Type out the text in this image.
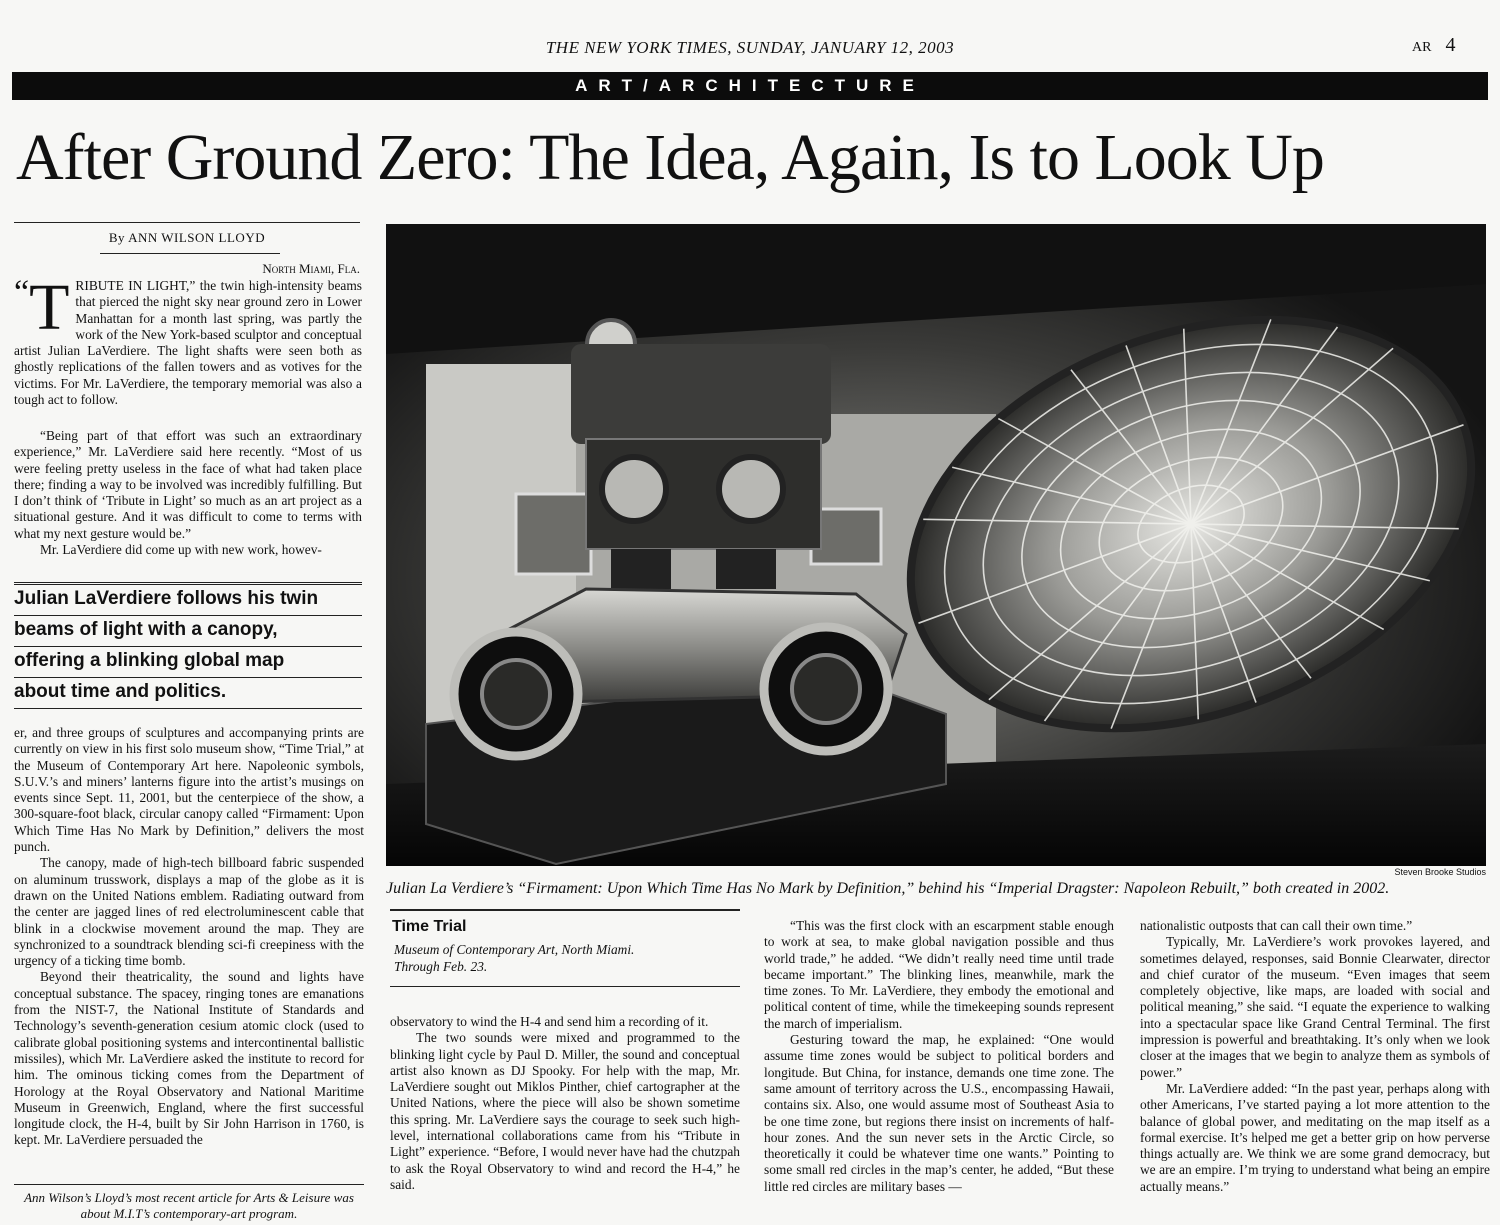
THE NEW YORK TIMES, SUNDAY, JANUARY 12, 2003	AR 4
ART/ARCHITECTURE
After Ground Zero: The Idea, Again, Is to Look Up
By ANN WILSON LLOYD
North Miami, Fla.

“ T RIBUTE IN LIGHT,” the twin high-intensity beams that pierced the night sky near ground zero in Lower Manhattan for a month last spring, was partly the work of the New York-based sculptor and conceptual artist Julian LaVerdiere. The light shafts were seen both as ghostly replications of the fallen towers and as votives for the victims. For Mr. LaVerdiere, the temporary memorial was also a tough act to follow.

“Being part of that effort was such an extraordinary experience,” Mr. LaVerdiere said here recently. “Most of us were feeling pretty useless in the face of what had taken place there; finding a way to be involved was incredibly fulfilling. But I don’t think of ‘Tribute in Light’ so much as an art project as a situational gesture. And it was difficult to come to terms with what my next gesture would be.”

Mr. LaVerdiere did come up with new work, howev-

Julian LaVerdiere follows his twin
beams of light with a canopy,
offering a blinking global map
about time and politics.

er, and three groups of sculptures and accompanying prints are currently on view in his first solo museum show, “Time Trial,” at the Museum of Contemporary Art here. Napoleonic symbols, S.U.V.’s and miners’ lanterns figure into the artist’s musings on events since Sept. 11, 2001, but the centerpiece of the show, a 300-square-foot black, circular canopy called “Firmament: Upon Which Time Has No Mark by Definition,” delivers the most punch.

The canopy, made of high-tech billboard fabric suspended on aluminum trusswork, displays a map of the globe as it is drawn on the United Nations emblem. Radiating outward from the center are jagged lines of red electroluminescent cable that blink in a clockwise movement around the map. They are synchronized to a soundtrack blending sci-fi creepiness with the urgency of a ticking time bomb.

Beyond their theatricality, the sound and lights have conceptual substance. The spacey, ringing tones are emanations from the NIST-7, the National Institute of Standards and Technology’s seventh-generation cesium atomic clock (used to calibrate global positioning systems and intercontinental ballistic missiles), which Mr. LaVerdiere asked the institute to record for him. The ominous ticking comes from the Department of Horology at the Royal Observatory and National Maritime Museum in Greenwich, England, where the first successful longitude clock, the H-4, built by Sir John Harrison in 1760, is kept. Mr. LaVerdiere persuaded the

Ann Wilson’s Lloyd’s most recent article for Arts & Leisure was about M.I.T’s contemporary-art program.
Steven Brooke Studios
Julian La Verdiere’s “Firmament: Upon Which Time Has No Mark by Definition,” behind his “Imperial Dragster: Napoleon Rebuilt,” both created in 2002.
Time Trial
Museum of Contemporary Art, North Miami.
Through Feb. 23.

observatory to wind the H-4 and send him a recording of it.

The two sounds were mixed and programmed to the blinking light cycle by Paul D. Miller, the sound and conceptual artist also known as DJ Spooky. For help with the map, Mr. LaVerdiere sought out Miklos Pinther, chief cartographer at the United Nations, where the piece will also be shown sometime this spring. Mr. LaVerdiere says the courage to seek such high-level, international collaborations came from his “Tribute in Light” experience. “Before, I would never have had the chutzpah to ask the Royal Observatory to wind and record the H-4,” he said.

“This was the first clock with an escarpment stable enough to work at sea, to make global navigation possible and thus world trade,” he added. “We didn’t really need time until trade became important.” The blinking lines, meanwhile, mark the time zones. To Mr. LaVerdiere, they embody the emotional and political content of time, while the timekeeping sounds represent the march of imperialism.

Gesturing toward the map, he explained: “One would assume time zones would be subject to political borders and longitude. But China, for instance, demands one time zone. The same amount of territory across the U.S., encompassing Hawaii, contains six. Also, one would assume most of Southeast Asia to be one time zone, but regions there insist on increments of half-hour zones. And the sun never sets in the Arctic Circle, so theoretically it could be whatever time one wants.” Pointing to some small red circles in the map’s center, he added, “But these little red circles are military bases —

nationalistic outposts that can call their own time.”

Typically, Mr. LaVerdiere’s work provokes layered, and sometimes delayed, responses, said Bonnie Clearwater, director and chief curator of the museum. “Even images that seem completely objective, like maps, are loaded with social and political meaning,” she said. “I equate the experience to walking into a spectacular space like Grand Central Terminal. The first impression is powerful and breathtaking. It’s only when we look closer at the images that we begin to analyze them as symbols of power.”

Mr. LaVerdiere added: “In the past year, perhaps along with other Americans, I’ve started paying a lot more attention to the balance of global power, and meditating on the map itself as a formal exercise. It’s helped me get a better grip on how perverse things actually are. We think we are some grand democracy, but we are an empire. I’m trying to understand what being an empire actually means.”
